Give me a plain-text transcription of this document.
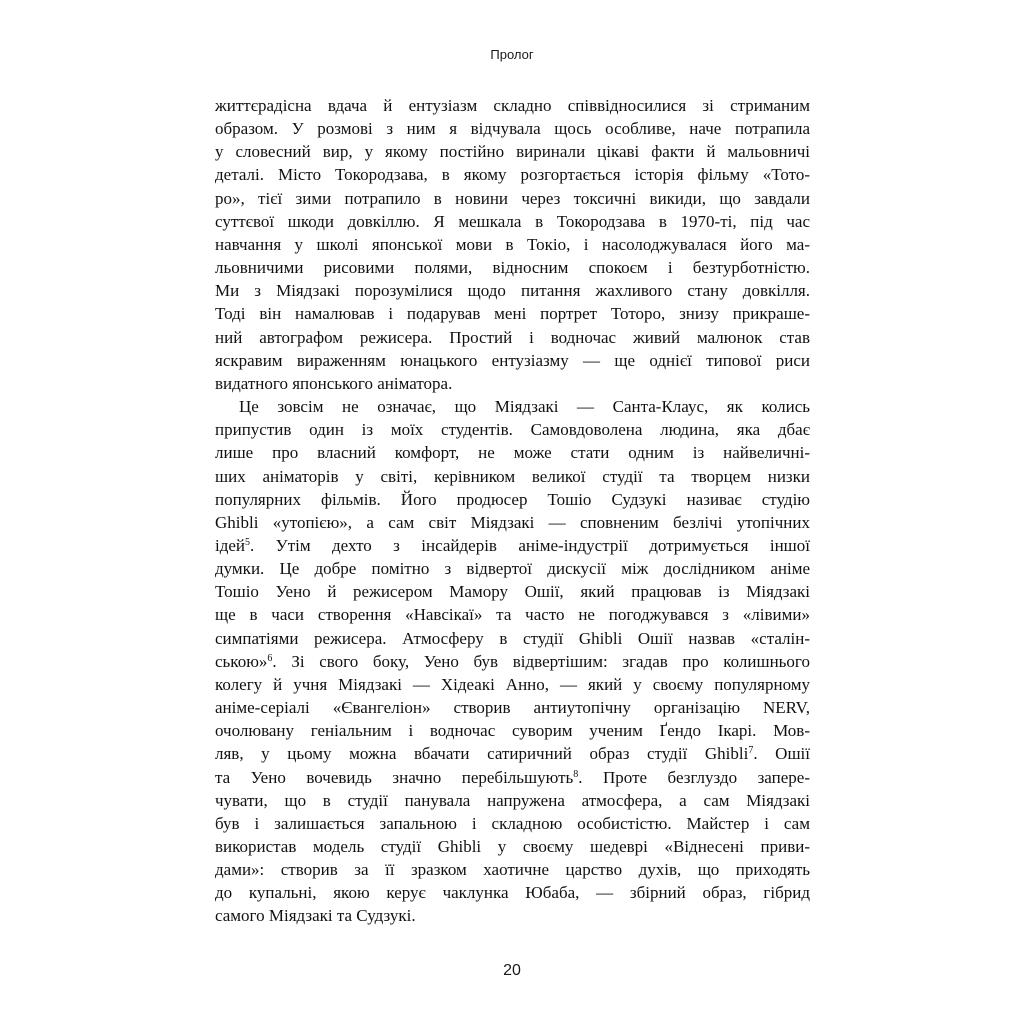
Пролог

життєрадісна вдача й ентузіазм складно співвідносилися зі стриманим
образом. У розмові з ним я відчувала щось особливе, наче потрапила
у словесний вир, у якому постійно виринали цікаві факти й мальовничі
деталі. Місто Токородзава, в якому розгортається історія фільму «Тото-
ро», тієї зими потрапило в новини через токсичні викиди, що завдали
суттєвої шкоди довкіллю. Я мешкала в Токородзава в 1970-ті, під час
навчання у школі японської мови в Токіо, і насолоджувалася його ма-
льовничими рисовими полями, відносним спокоєм і безтурботністю.
Ми з Міядзакі порозумілися щодо питання жахливого стану довкілля.
Тоді він намалював і подарував мені портрет Тоторо, знизу прикраше-
ний автографом режисера. Простий і водночас живий малюнок став
яскравим вираженням юнацького ентузіазму — ще однієї типової риси
видатного японського аніматора.

Це зовсім не означає, що Міядзакі — Санта-Клаус, як колись
припустив один із моїх студентів. Самовдоволена людина, яка дбає
лише про власний комфорт, не може стати одним із найвеличні-
ших аніматорів у світі, керівником великої студії та творцем низки
популярних фільмів. Його продюсер Тошіо Судзукі називає студію
Ghibli «утопією», а сам світ Міядзакі — сповненим безлічі утопічних
ідей$^5$. Утім дехто з інсайдерів аніме-індустрії дотримується іншої
думки. Це добре помітно з відвертої дискусії між дослідником аніме
Тошіо Уено й режисером Мамору Ошії, який працював із Міядзакі
ще в часи створення «Навсікаї» та часто не погоджувався з «лівими»
симпатіями режисера. Атмосферу в студії Ghibli Ошії назвав «сталін-
ською»$^6$. Зі свого боку, Уено був відвертішим: згадав про колишнього
колегу й учня Міядзакі — Хідеакі Анно, — який у своєму популярному
аніме-серіалі «Євангеліон» створив антиутопічну організацію NERV,
очолювану геніальним і водночас суворим ученим Ґендо Ікарі. Мов-
ляв, у цьому можна вбачати сатиричний образ студії Ghibli$^7$. Ошії
та Уено вочевидь значно перебільшують$^8$. Проте безглуздо запере-
чувати, що в студії панувала напружена атмосфера, а сам Міядзакі
був і залишається запальною і складною особистістю. Майстер і сам
використав модель студії Ghibli у своєму шедеврі «Віднесені приви-
дами»: створив за її зразком хаотичне царство духів, що приходять
до купальні, якою керує чаклунка Юбаба, — збірний образ, гібрид
самого Міядзакі та Судзукі.

20
